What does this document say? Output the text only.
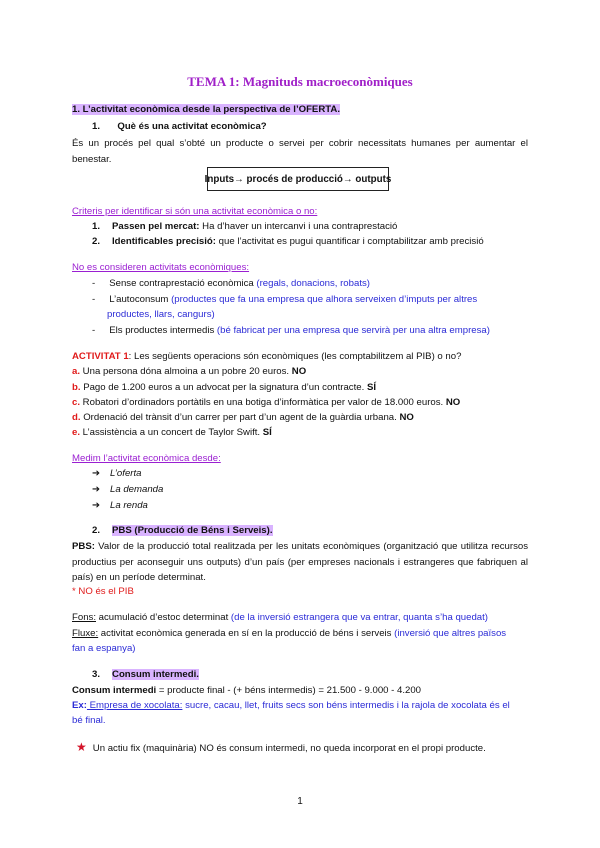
TEMA 1: Magnituds macroeconòmiques
1. L’activitat econòmica desde la perspectiva de l’OFERTA.
1. Què és una activitat econòmica?
És un procés pel qual s’obté un producte o servei per cobrir necessitats humanes per aumentar el benestar.
Inputs→ procés de producció→ outputs
Criteris per identificar si són una activitat econòmica o no:
1. Passen pel mercat: Ha d’haver un intercanvi i una contraprestació
2. Identificables precisió: que l’activitat es pugui quantificar i comptabilitzar amb precisió
No es consideren activitats econòmiques:
- Sense contraprestació econòmica (regals, donacions, robats)
- L’autoconsum (productes que fa una empresa que alhora serveixen d’imputs per altres
productes, llars, cangurs)
- Els productes intermedis (bé fabricat per una empresa que servirà per una altra empresa)
ACTIVITAT 1: Les següents operacions són econòmiques (les comptabilitzem al PIB) o no?
a. Una persona dóna almoina a un pobre 20 euros. NO
b. Pago de 1.200 euros a un advocat per la signatura d’un contracte. SÍ
c. Robatori d’ordinadors portàtils en una botiga d’informàtica per valor de 18.000 euros. NO
d. Ordenació del trànsit d’un carrer per part d’un agent de la guàrdia urbana. NO
e. L’assistència a un concert de Taylor Swift. SÍ
Medim l’activitat econòmica desde:
➔ L’oferta
➔ La demanda
➔ La renda
2. PBS (Producció de Béns i Serveis).
PBS: Valor de la producció total realitzada per les unitats econòmiques (organització que utilitza recursos productius per aconseguir uns outputs) d’un país (per empreses nacionals i estrangeres que fabriquen al país) en un període determinat.
* NO és el PIB
Fons: acumulació d’estoc determinat (de la inversió estrangera que va entrar, quanta s’ha quedat)
Fluxe: activitat econòmica generada en sí en la producció de béns i serveis (inversió que altres països
fan a espanya)
3. Consum intermedi.
Consum intermedi = producte final - (+ béns intermedis) = 21.500 - 9.000 - 4.200
Ex: Empresa de xocolata: sucre, cacau, llet, fruits secs son béns intermedis i la rajola de xocolata és el
bé final.
★ Un actiu fix (maquinària) NO és consum intermedi, no queda incorporat en el propi producte.
1
